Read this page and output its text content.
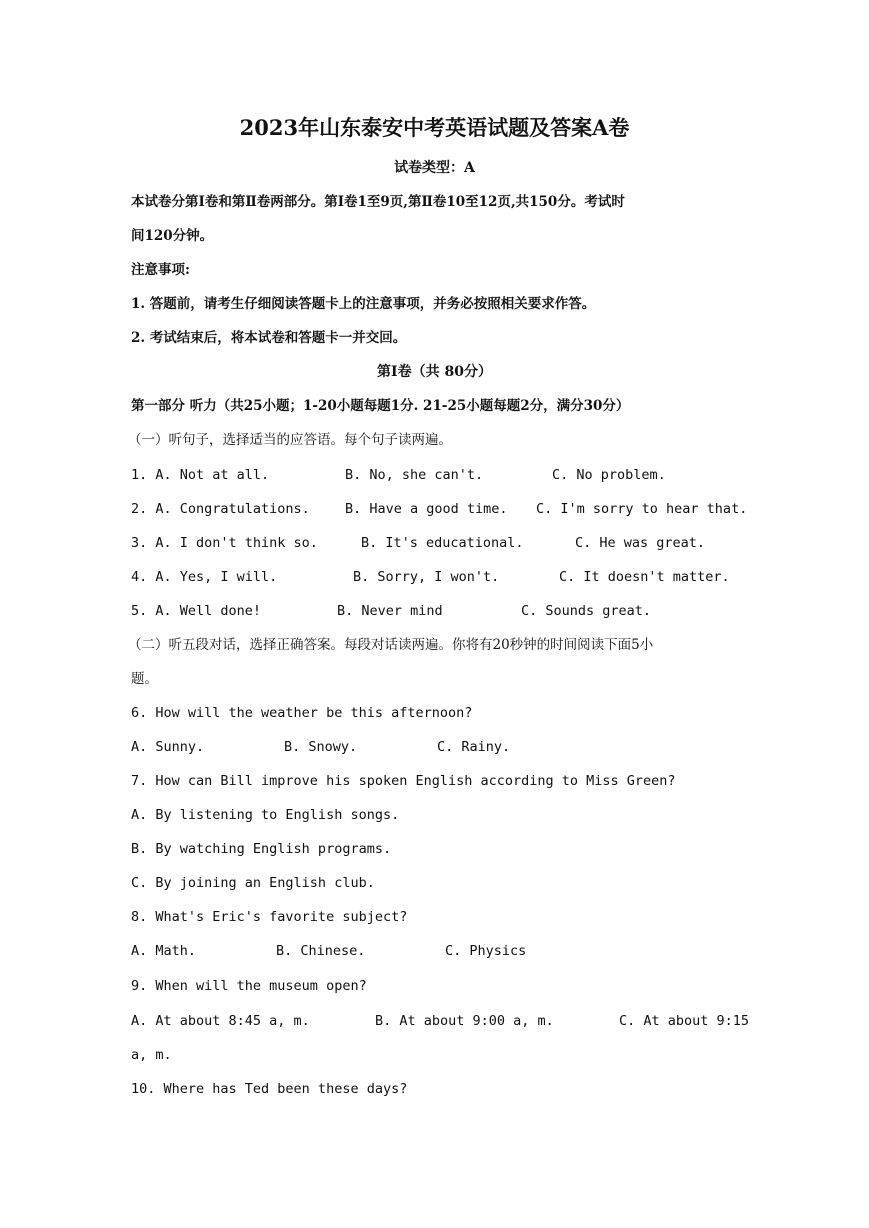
2023年山东泰安中考英语试题及答案A卷
试卷类型：A
本试卷分第Ⅰ卷和第Ⅱ卷两部分。第Ⅰ卷1至9页,第Ⅱ卷10至12页,共150分。考试时
间120分钟。
注意事项:
1. 答题前，请考生仔细阅读答题卡上的注意事项，并务必按照相关要求作答。
2. 考试结束后，将本试卷和答题卡一并交回。
第Ⅰ卷（共 80分）
第一部分 听力（共25小题；1-20小题每题1分. 21-25小题每题2分，满分30分）
（一）听句子，选择适当的应答语。每个句子读两遍。
1. A. Not at all.	B. No, she can't.	C. No problem.
2. A. Congratulations.	B. Have a good time. C. I'm sorry to hear that.
3. A. I don't think so.	B. It's educational.	C. He was great.
4. A. Yes, I will.	B. Sorry, I won't.	C. It doesn't matter.
5. A. Well done!	B. Never mind	C. Sounds great.
（二）听五段对话，选择正确答案。每段对话读两遍。你将有20秒钟的时间阅读下面5小
题。
6. How will the weather be this afternoon?
A. Sunny.	B. Snowy.	C. Rainy.
7. How can Bill improve his spoken English according to Miss Green?
A. By listening to English songs.
B. By watching English programs.
C. By joining an English club.
8. What's Eric's favorite subject?
A. Math.	B. Chinese.	C. Physics
9. When will the museum open?
A. At about 8:45 a, m.	B. At about 9:00 a, m.	C. At about 9:15
a, m.
10. Where has Ted been these days?
